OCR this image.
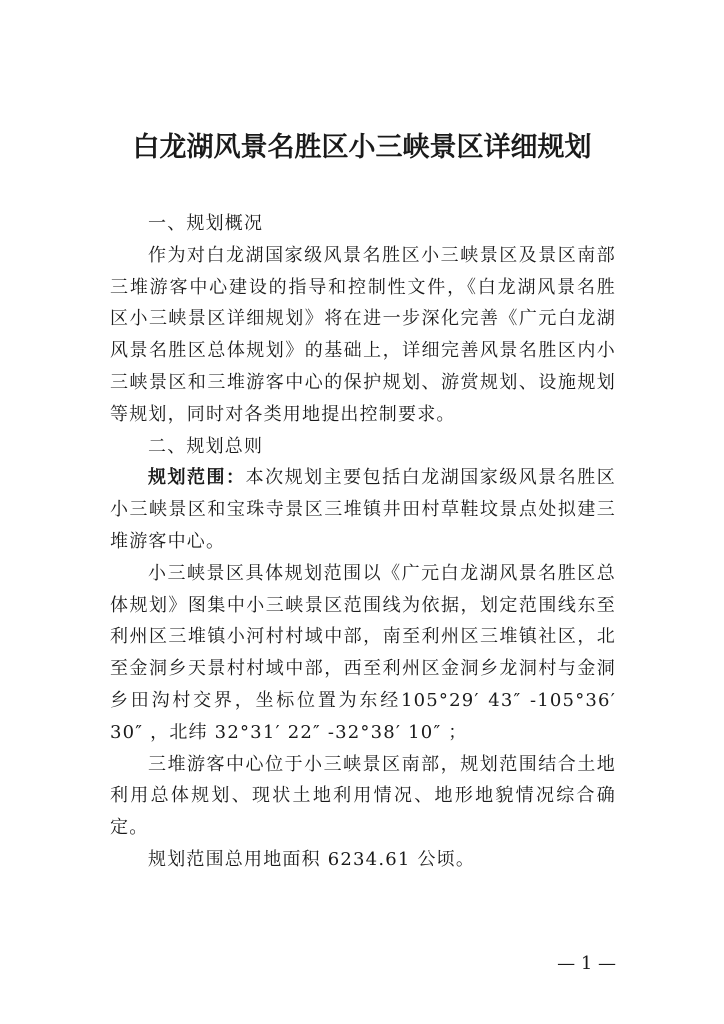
白龙湖风景名胜区小三峡景区详细规划

一、规划概况

作为对白龙湖国家级风景名胜区小三峡景区及景区南部三堆游客中心建设的指导和控制性文件，《白龙湖风景名胜区小三峡景区详细规划》将在进一步深化完善《广元白龙湖风景名胜区总体规划》的基础上，详细完善风景名胜区内小三峡景区和三堆游客中心的保护规划、游赏规划、设施规划等规划，同时对各类用地提出控制要求。

二、规划总则

规划范围：本次规划主要包括白龙湖国家级风景名胜区小三峡景区和宝珠寺景区三堆镇井田村草鞋坟景点处拟建三堆游客中心。

小三峡景区具体规划范围以《广元白龙湖风景名胜区总体规划》图集中小三峡景区范围线为依据，划定范围线东至利州区三堆镇小河村村域中部，南至利州区三堆镇社区，北至金洞乡天景村村域中部，西至利州区金洞乡龙洞村与金洞乡田沟村交界，坐标位置为东经105°29′ 43″ -105°36′ 30″ ，北纬 32°31′ 22″ -32°38′ 10″ ；

三堆游客中心位于小三峡景区南部，规划范围结合土地利用总体规划、现状土地利用情况、地形地貌情况综合确定。

规划范围总用地面积 6234.61 公顷。

— 1 —
